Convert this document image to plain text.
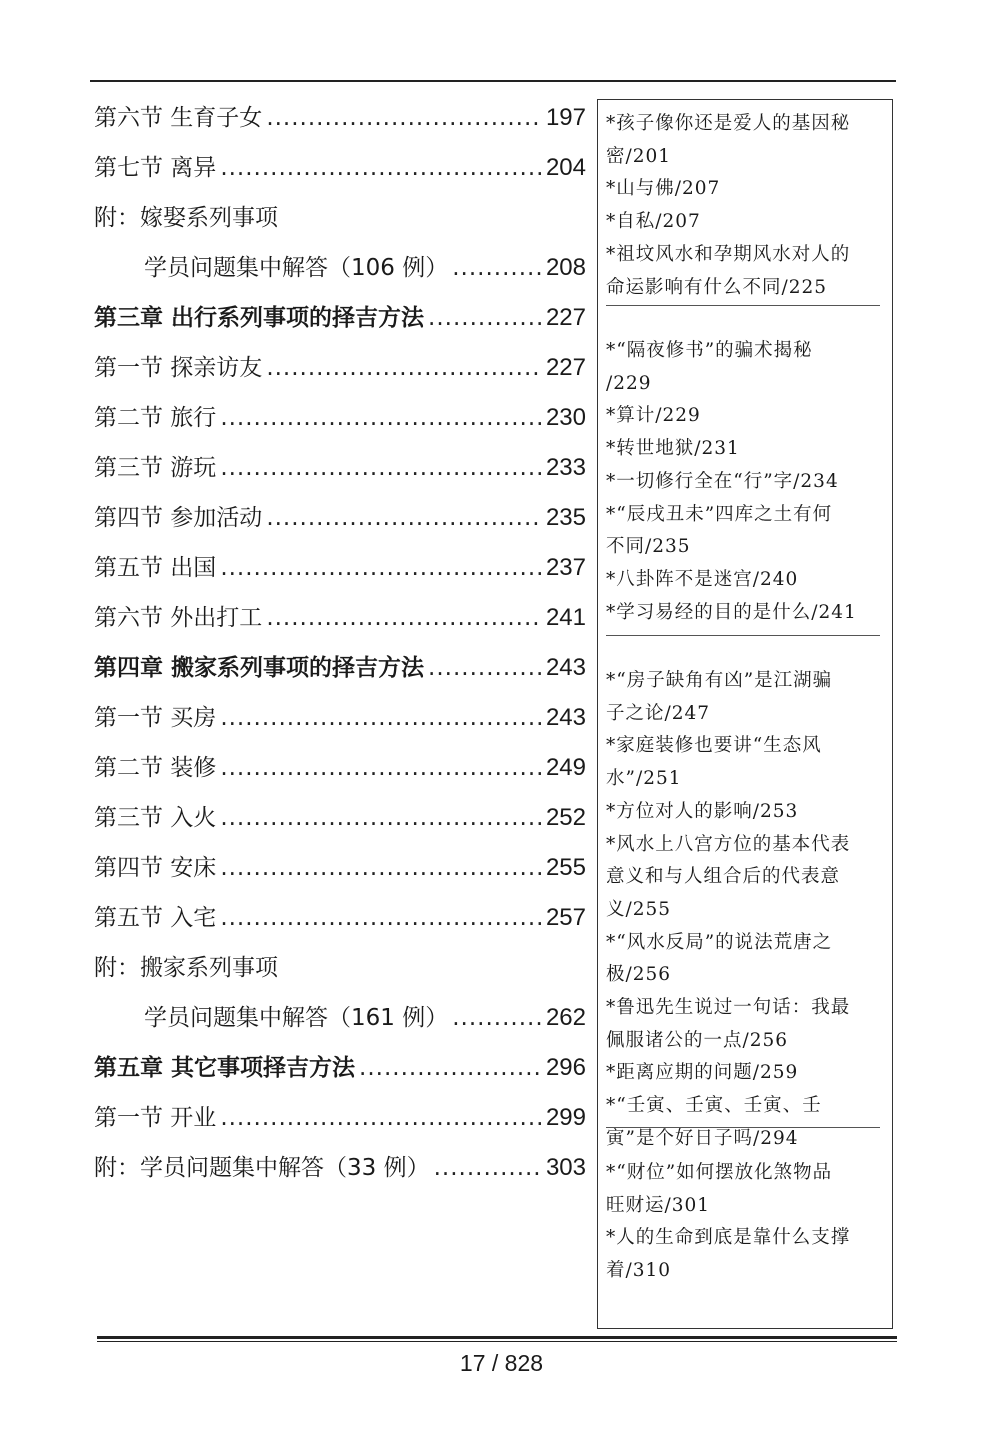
第六节 生育子女 .....	197
第七节 离异 .....	204
附：嫁娶系列事项
学员问题集中解答（106 例） .....	208
第三章 出行系列事项的择吉方法 .....	227
第一节 探亲访友 .....	227
第二节 旅行 .....	230
第三节 游玩 .....	233
第四节 参加活动 .....	235
第五节 出国 .....	237
第六节 外出打工 .....	241
第四章 搬家系列事项的择吉方法 .....	243
第一节 买房 .....	243
第二节 装修 .....	249
第三节 入火 .....	252
第四节 安床 .....	255
第五节 入宅 .....	257
附：搬家系列事项
学员问题集中解答（161 例） .....	262
第五章 其它事项择吉方法 .....	296
第一节 开业 .....	299
附：学员问题集中解答（33 例） .....	303
*孩子像你还是爱人的基因秘
密/201
*山与佛/207
*自私/207
*祖坟风水和孕期风水对人的
命运影响有什么不同/225
*“隔夜修书”的骗术揭秘
/229
*算计/229
*转世地狱/231
*一切修行全在“行”字/234
*“辰戌丑未”四库之土有何
不同/235
*八卦阵不是迷宫/240
*学习易经的目的是什么/241
*“房子缺角有凶”是江湖骗
子之论/247
*家庭装修也要讲“生态风
水”/251
*方位对人的影响/253
*风水上八宫方位的基本代表
意义和与人组合后的代表意
义/255
*“风水反局”的说法荒唐之
极/256
*鲁迅先生说过一句话：我最
佩服诸公的一点/256
*距离应期的问题/259
*“壬寅、壬寅、壬寅、壬
寅”是个好日子吗/294
*“财位”如何摆放化煞物品
旺财运/301
*人的生命到底是靠什么支撑
着/310
17 / 828
